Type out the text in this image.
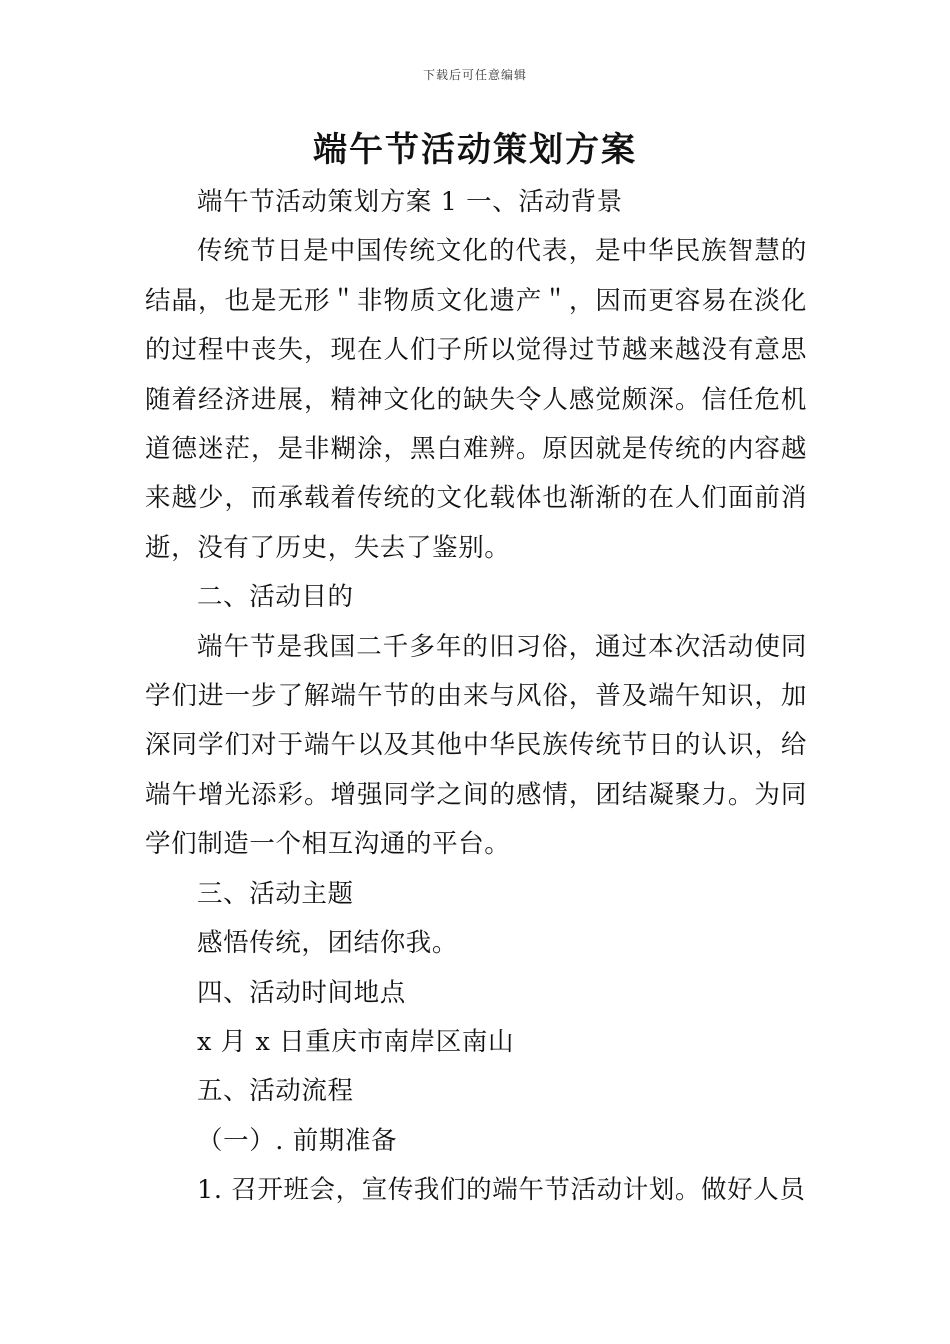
下载后可任意编辑
端午节活动策划方案

端午节活动策划方案 1 一、活动背景

传统节日是中国传统文化的代表，是中华民族智慧的结晶，也是无形＂非物质文化遗产＂，因而更容易在淡化的过程中丧失，现在人们子所以觉得过节越来越没有意思随着经济进展，精神文化的缺失令人感觉颇深。信任危机道德迷茫，是非糊涂，黑白难辨。原因就是传统的内容越来越少，而承载着传统的文化载体也渐渐的在人们面前消逝，没有了历史，失去了鉴别。

二、活动目的

端午节是我国二千多年的旧习俗，通过本次活动使同学们进一步了解端午节的由来与风俗，普及端午知识，加深同学们对于端午以及其他中华民族传统节日的认识，给端午增光添彩。增强同学之间的感情，团结凝聚力。为同学们制造一个相互沟通的平台。

三、活动主题

感悟传统，团结你我。

四、活动时间地点

x 月 x 日重庆市南岸区南山

五、活动流程

（一）. 前期准备

1. 召开班会，宣传我们的端午节活动计划。做好人员
